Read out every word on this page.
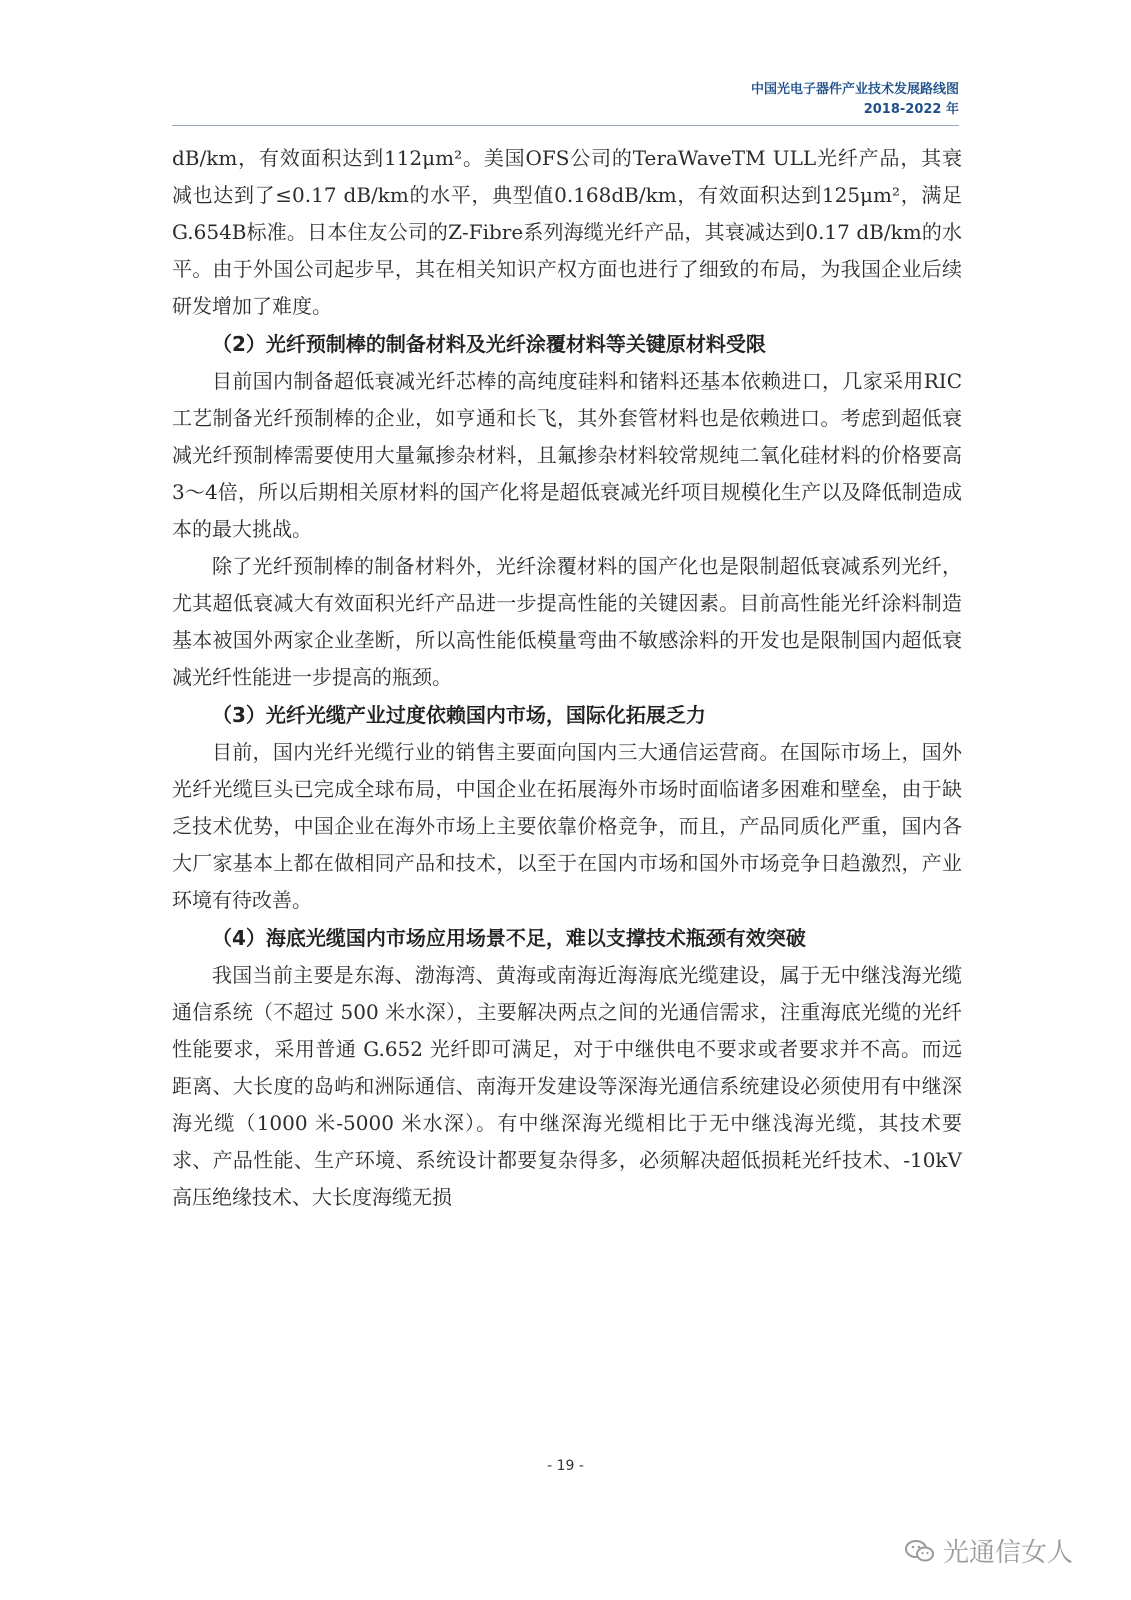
中国光电子器件产业技术发展路线图
2018-2022 年

dB/km，有效面积达到112μm²。美国OFS公司的TeraWaveTM ULL光纤产品，其衰减也达到了≤0.17 dB/km的水平，典型值0.168dB/km，有效面积达到125μm²，满足G.654B标准。日本住友公司的Z-Fibre系列海缆光纤产品，其衰减达到0.17 dB/km的水平。由于外国公司起步早，其在相关知识产权方面也进行了细致的布局，为我国企业后续研发增加了难度。

（2）光纤预制棒的制备材料及光纤涂覆材料等关键原材料受限

目前国内制备超低衰减光纤芯棒的高纯度硅料和锗料还基本依赖进口，几家采用RIC工艺制备光纤预制棒的企业，如亨通和长飞，其外套管材料也是依赖进口。考虑到超低衰减光纤预制棒需要使用大量氟掺杂材料，且氟掺杂材料较常规纯二氧化硅材料的价格要高3～4倍，所以后期相关原材料的国产化将是超低衰减光纤项目规模化生产以及降低制造成本的最大挑战。

除了光纤预制棒的制备材料外，光纤涂覆材料的国产化也是限制超低衰减系列光纤，尤其超低衰减大有效面积光纤产品进一步提高性能的关键因素。目前高性能光纤涂料制造基本被国外两家企业垄断，所以高性能低模量弯曲不敏感涂料的开发也是限制国内超低衰减光纤性能进一步提高的瓶颈。

（3）光纤光缆产业过度依赖国内市场，国际化拓展乏力

目前，国内光纤光缆行业的销售主要面向国内三大通信运营商。在国际市场上，国外光纤光缆巨头已完成全球布局，中国企业在拓展海外市场时面临诸多困难和壁垒，由于缺乏技术优势，中国企业在海外市场上主要依靠价格竞争，而且，产品同质化严重，国内各大厂家基本上都在做相同产品和技术，以至于在国内市场和国外市场竞争日趋激烈，产业环境有待改善。

（4）海底光缆国内市场应用场景不足，难以支撑技术瓶颈有效突破

我国当前主要是东海、渤海湾、黄海或南海近海海底光缆建设，属于无中继浅海光缆通信系统（不超过 500 米水深），主要解决两点之间的光通信需求，注重海底光缆的光纤性能要求，采用普通 G.652 光纤即可满足，对于中继供电不要求或者要求并不高。而远距离、大长度的岛屿和洲际通信、南海开发建设等深海光通信系统建设必须使用有中继深海光缆（1000 米-5000 米水深）。有中继深海光缆相比于无中继浅海光缆，其技术要求、产品性能、生产环境、系统设计都要复杂得多，必须解决超低损耗光纤技术、-10kV 高压绝缘技术、大长度海缆无损

- 19 -
光通信女人
